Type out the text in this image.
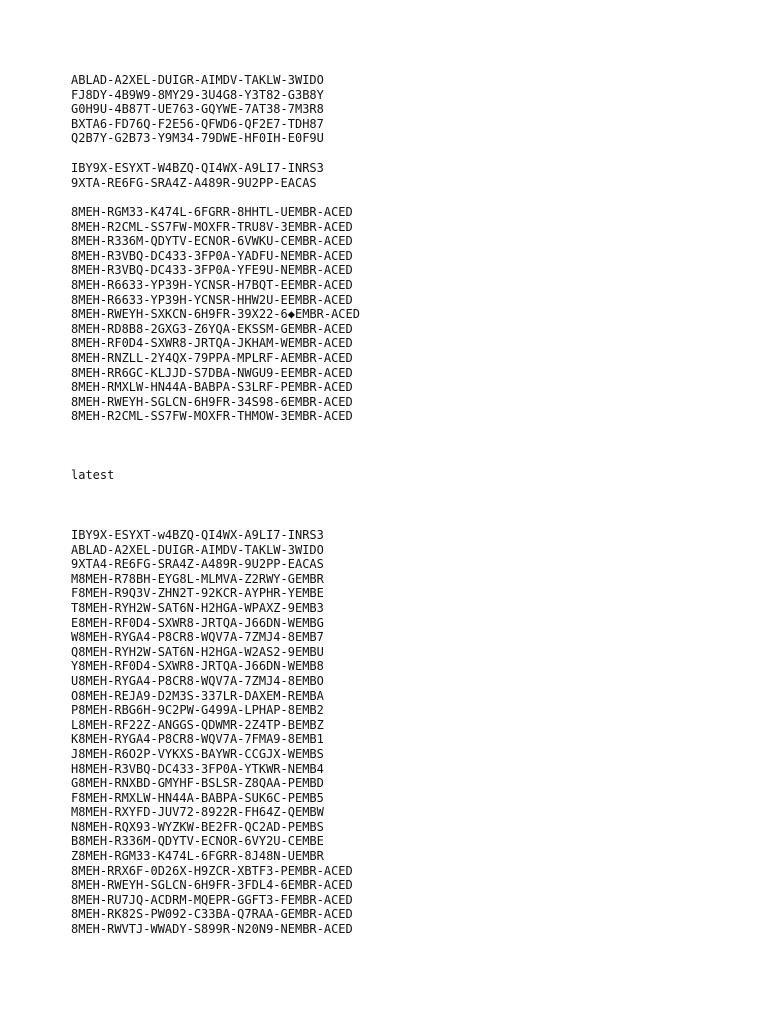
ABLAD-A2XEL-DUIGR-AIMDV-TAKLW-3WIDO
FJ8DY-4B9W9-8MY29-3U4G8-Y3T82-G3B8Y
G0H9U-4B87T-UE763-GQYWE-7AT38-7M3R8
BXTA6-FD76Q-F2E56-QFWD6-QF2E7-TDH87
Q2B7Y-G2B73-Y9M34-79DWE-HF0IH-E0F9U
IBY9X-ESYXT-W4BZQ-QI4WX-A9LI7-INRS3
9XTA-RE6FG-SRA4Z-A489R-9U2PP-EACAS
8MEH-RGM33-K474L-6FGRR-8HHTL-UEMBR-ACED
8MEH-R2CML-SS7FW-MOXFR-TRU8V-3EMBR-ACED
8MEH-R336M-QDYTV-ECNOR-6VWKU-CEMBR-ACED
8MEH-R3VBQ-DC433-3FP0A-YADFU-NEMBR-ACED
8MEH-R3VBQ-DC433-3FP0A-YFE9U-NEMBR-ACED
8MEH-R6633-YP39H-YCNSR-H7BQT-EEMBR-ACED
8MEH-R6633-YP39H-YCNSR-HHW2U-EEMBR-ACED
8MEH-RWEYH-SXKCN-6H9FR-39X22-6◆EMBR-ACED
8MEH-RD8B8-2GXG3-Z6YQA-EKSSM-GEMBR-ACED
8MEH-RF0D4-SXWR8-JRTQA-JKHAM-WEMBR-ACED
8MEH-RNZLL-2Y4QX-79PPA-MPLRF-AEMBR-ACED
8MEH-RR6GC-KLJJD-S7DBA-NWGU9-EEMBR-ACED
8MEH-RMXLW-HN44A-BABPA-S3LRF-PEMBR-ACED
8MEH-RWEYH-SGLCN-6H9FR-34S98-6EMBR-ACED
8MEH-R2CML-SS7FW-MOXFR-THMOW-3EMBR-ACED
latest
IBY9X-ESYXT-w4BZQ-QI4WX-A9LI7-INRS3
ABLAD-A2XEL-DUIGR-AIMDV-TAKLW-3WIDO
9XTA4-RE6FG-SRA4Z-A489R-9U2PP-EACAS
M8MEH-R78BH-EYG8L-MLMVA-Z2RWY-GEMBR
F8MEH-R9Q3V-ZHN2T-92KCR-AYPHR-YEMBE
T8MEH-RYH2W-SAT6N-H2HGA-WPAXZ-9EMB3
E8MEH-RF0D4-SXWR8-JRTQA-J66DN-WEMBG
W8MEH-RYGA4-P8CR8-WQV7A-7ZMJ4-8EMB7
Q8MEH-RYH2W-SAT6N-H2HGA-W2AS2-9EMBU
Y8MEH-RF0D4-SXWR8-JRTQA-J66DN-WEMB8
U8MEH-RYGA4-P8CR8-WQV7A-7ZMJ4-8EMBO
O8MEH-REJA9-D2M3S-337LR-DAXEM-REMBA
P8MEH-RBG6H-9C2PW-G499A-LPHAP-8EMB2
L8MEH-RF22Z-ANGGS-QDWMR-2Z4TP-BEMBZ
K8MEH-RYGA4-P8CR8-WQV7A-7FMA9-8EMB1
J8MEH-R6O2P-VYKXS-BAYWR-CCGJX-WEMBS
H8MEH-R3VBQ-DC433-3FP0A-YTKWR-NEMB4
G8MEH-RNXBD-GMYHF-BSLSR-Z8QAA-PEMBD
F8MEH-RMXLW-HN44A-BABPA-SUK6C-PEMB5
M8MEH-RXYFD-JUV72-8922R-FH64Z-QEMBW
N8MEH-RQX93-WYZKW-BE2FR-QC2AD-PEMBS
B8MEH-R336M-QDYTV-ECNOR-6VY2U-CEMBE
Z8MEH-RGM33-K474L-6FGRR-8J48N-UEMBR
8MEH-RRX6F-0D26X-H9ZCR-XBTF3-PEMBR-ACED
8MEH-RWEYH-SGLCN-6H9FR-3FDL4-6EMBR-ACED
8MEH-RU7JQ-ACDRM-MQEPR-GGFT3-FEMBR-ACED
8MEH-RK82S-PW092-C33BA-Q7RAA-GEMBR-ACED
8MEH-RWVTJ-WWADY-S899R-N20N9-NEMBR-ACED
